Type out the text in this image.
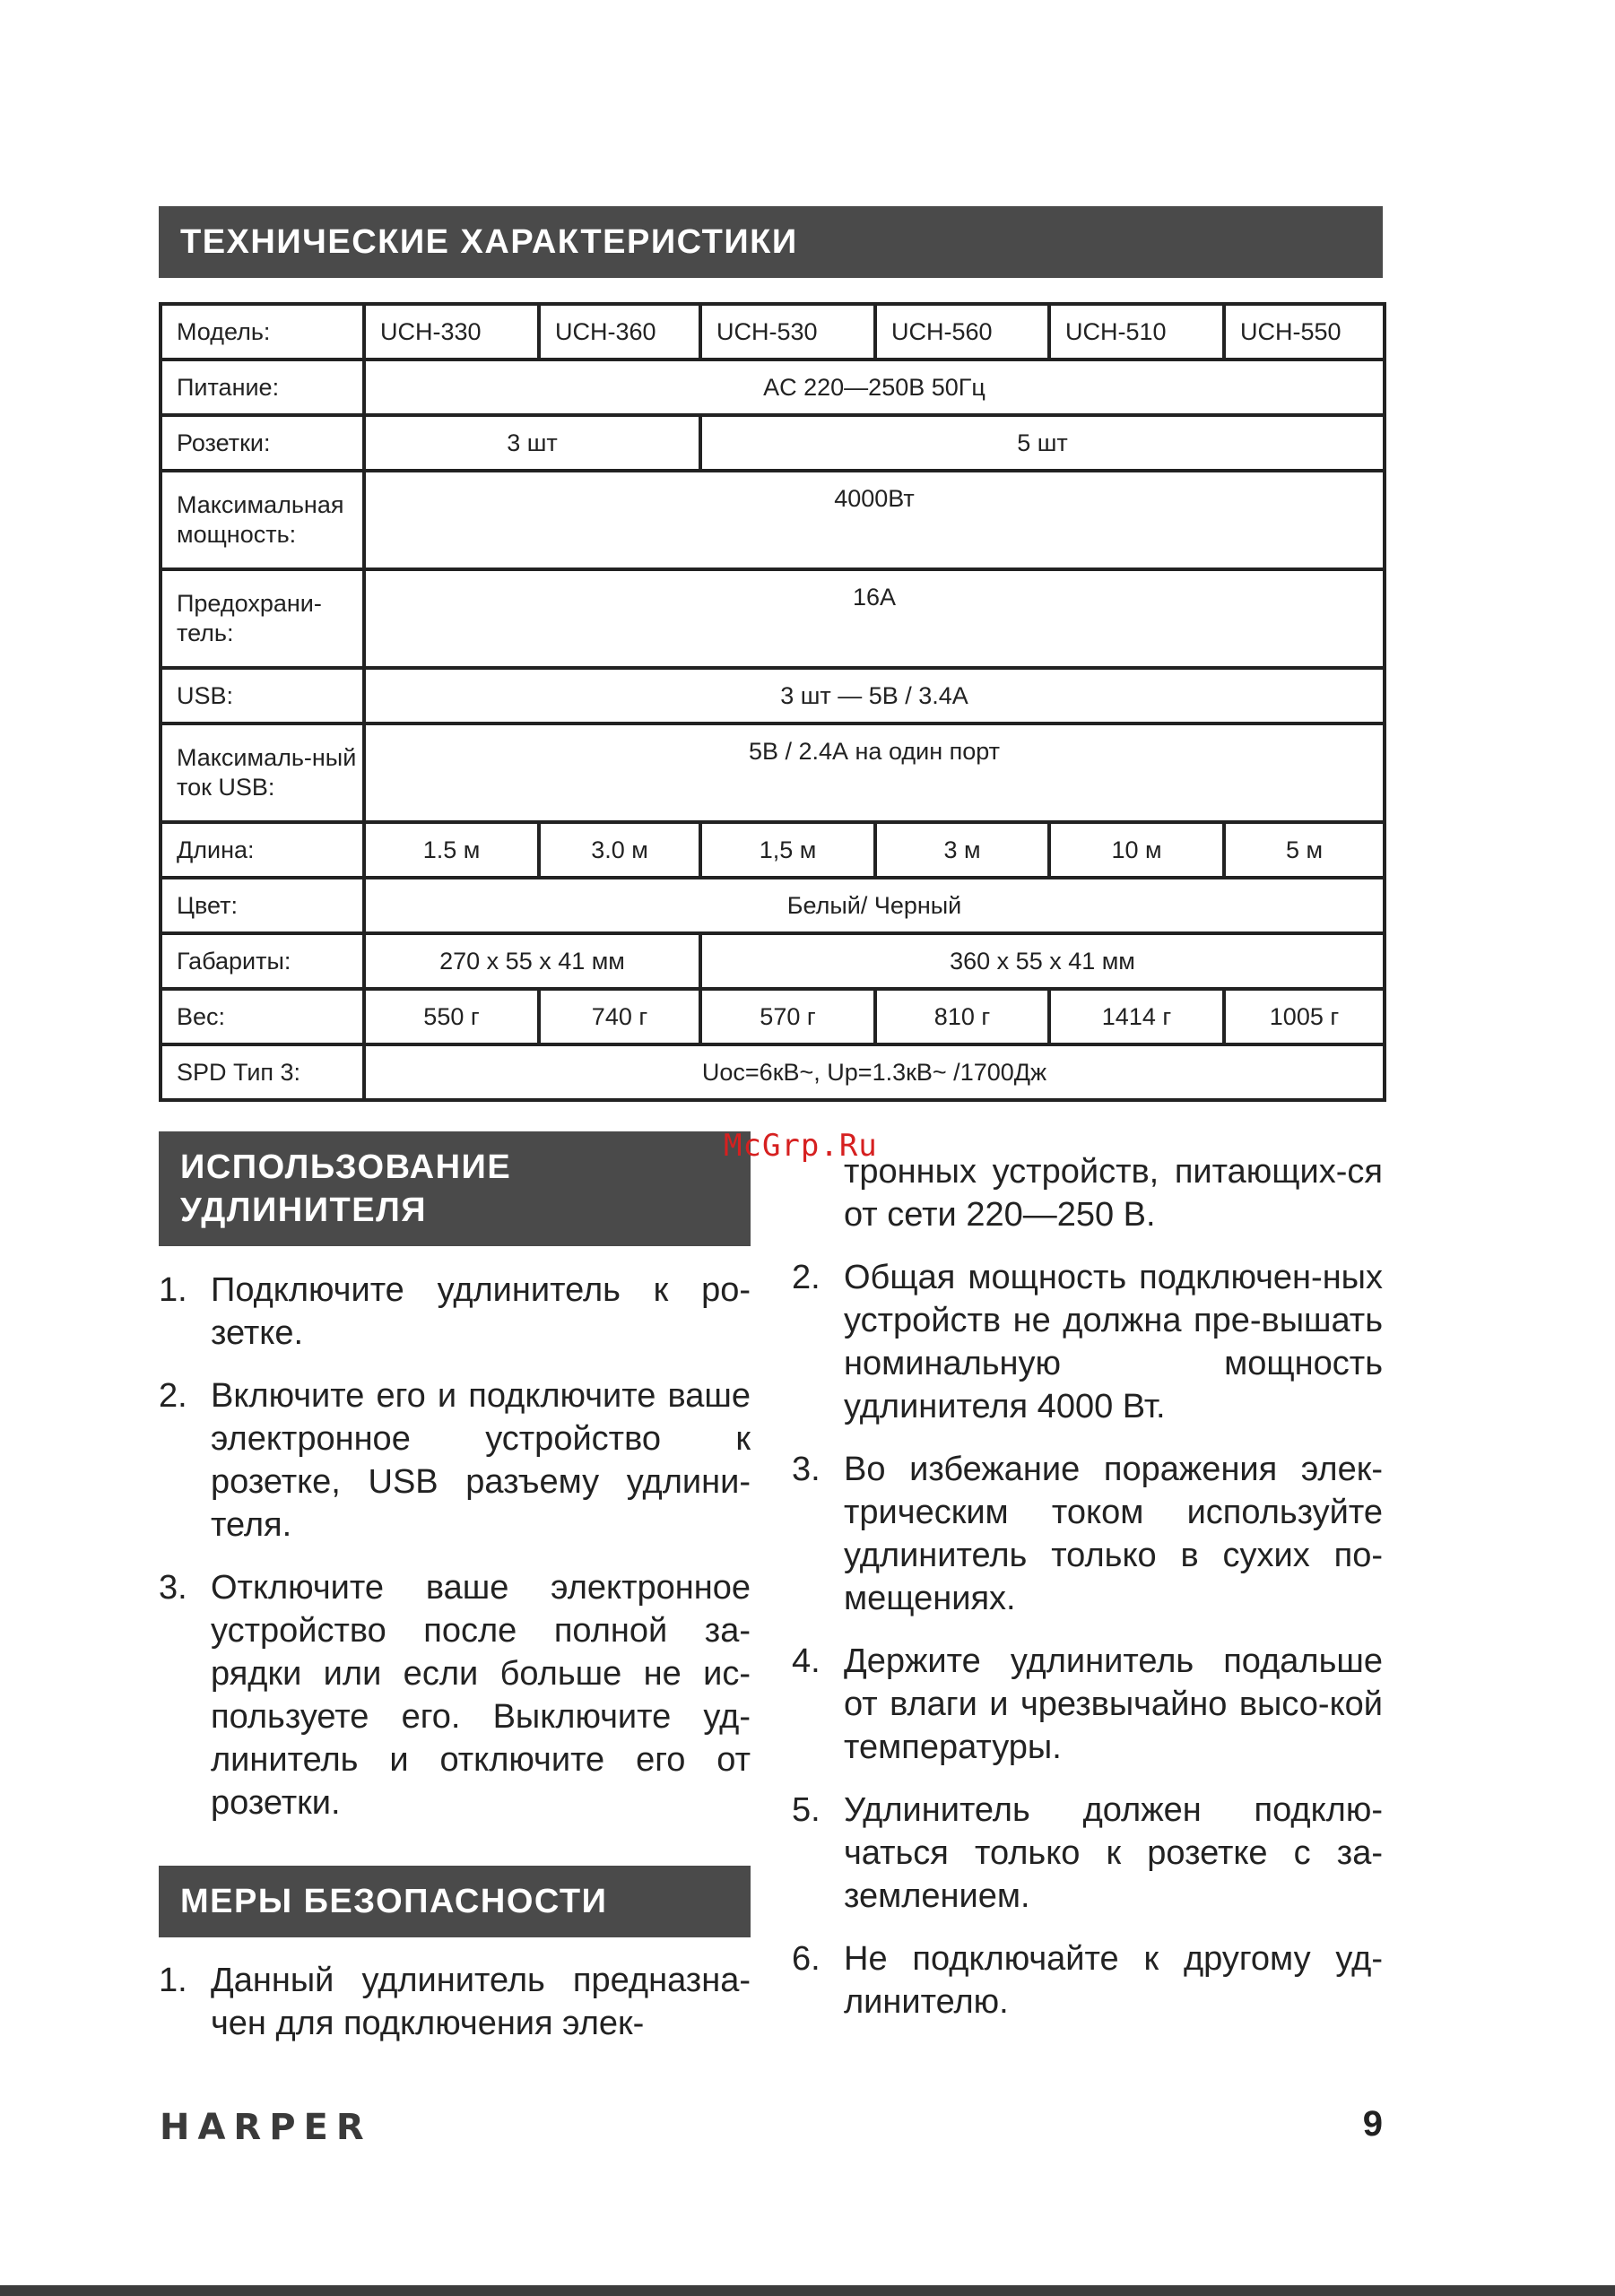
ТЕХНИЧЕСКИЕ ХАРАКТЕРИСТИКИ
Модель:	UCH-330	UCH-360	UCH-530	UCH-560	UCH-510	UCH-550
Питание:	AC 220—250В 50Гц					
Розетки:	3 шт		5 шт			
Максимальная мощность:	4000Вт					
Предохрани-тель:	16А					
USB:	3 шт — 5В / 3.4А					
Максималь-ный ток USB:	5В / 2.4А на один порт					
Длина:	1.5 м	3.0 м	1,5 м	3 м	10 м	5 м
Цвет:	Белый/ Черный					
Габариты:	270 х 55 х 41 мм		360 х 55 х 41 мм			
Вес:	550 г	740 г	570 г	810 г	1414 г	1005 г
SPD Тип 3:	Uoc=6кВ~, Up=1.3кВ~ /1700Дж					
ИСПОЛЬЗОВАНИЕ
УДЛИНИТЕЛЯ
1. Подключите удлинитель к ро-зетке.
2. Включите его и подключите ваше электронное устройство к розетке, USB разъему удлини-теля.
3. Отключите ваше электронное устройство после полной за-рядки или если больше не ис-пользуете его. Выключите уд-линитель и отключите его от розетки.
МЕРЫ БЕЗОПАСНОСТИ
1. Данный удлинитель предназна-чен для подключения элек-
тронных устройств, питающих-ся от сети 220—250 В.
2. Общая мощность подключен-ных устройств не должна пре-вышать номинальную мощность удлинителя 4000 Вт.
3. Во избежание поражения элек-трическим током используйте удлинитель только в сухих по-мещениях.
4. Держите удлинитель подальше от влаги и чрезвычайно высо-кой температуры.
5. Удлинитель должен подклю-чаться только к розетке с за-землением.
6. Не подключайте к другому уд-линителю.
McGrp.Ru
HARPER	9
